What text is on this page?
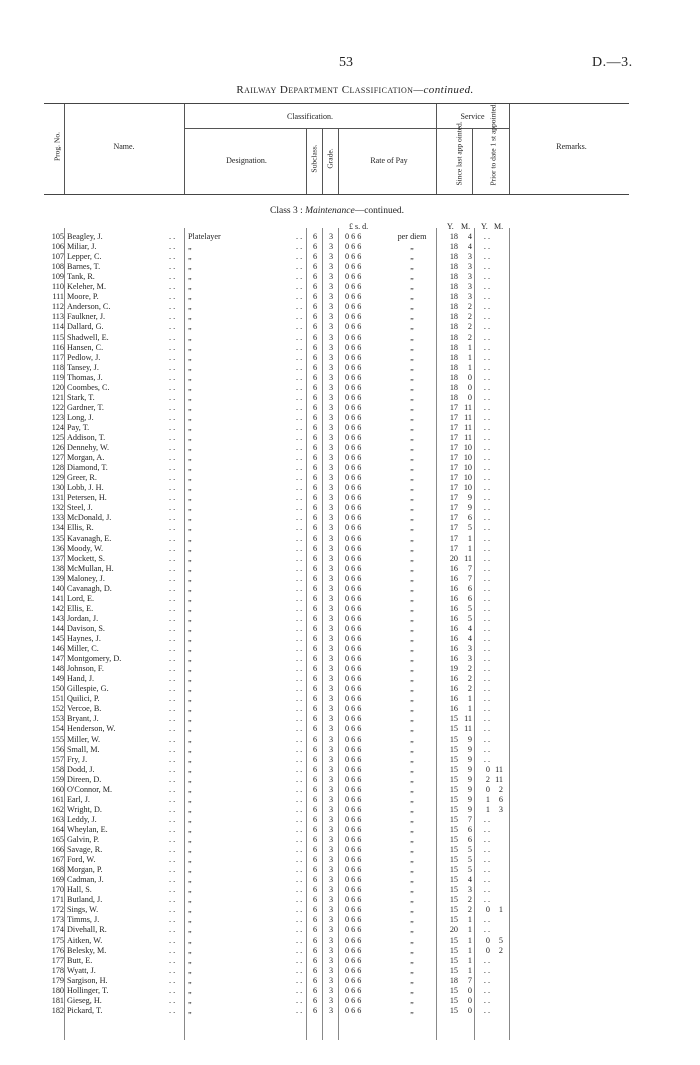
53	D.—3.
Railway Department Classification—continued.
Prog. No.	Name.
Classification.
Designation.	Subclass. Grade.	Rate of Pay
Service
Since last app ointed.	Prior to date 1 st appointed.	Remarks.
Class 3 : Maintenance—continued.
£ s. d.	Y. M. Y. M.
105 Beagley, J.	. . Platelayer	. .	6	3	0 6 6	per diem	18	4	. .
106 Miliar, J.	. . „	. .	6	3	0 6 6	„	18	4	. .
107 Lepper, C.	. . „	. .	6	3	0 6 6	„	18	3	. .
108 Barnes, T.	. . „	. .	6	3	0 6 6	„	18	3	. .
109 Tank, R.	. . „	. .	6	3	0 6 6	„	18	3	. .
110 Keleher, M.	. . „	. .	6	3	0 6 6	„	18	3	. .
111 Moore, P.	. . „	. .	6	3	0 6 6	„	18	3	. .
112 Anderson, C.	. . „	. .	6	3	0 6 6	„	18	2	. .
113 Faulkner, J.	. . „	. .	6	3	0 6 6	„	18	2	. .
114 Dallard, G.	. . „	. .	6	3	0 6 6	„	18	2	. .
115 Shadwell, E.	. . „	. .	6	3	0 6 6	„	18	2	. .
116 Hansen, C.	. . „	. .	6	3	0 6 6	„	18	1	. .
117 Pedlow, J.	. . „	. .	6	3	0 6 6	„	18	1	. .
118 Tansey, J.	. . „	. .	6	3	0 6 6	„	18	1	. .
119 Thomas, J.	. . „	. .	6	3	0 6 6	„	18	0	. .
120 Coombes, C.	. . „	. .	6	3	0 6 6	„	18	0	. .
121 Stark, T.	. . „	. .	6	3	0 6 6	„	18	0	. .
122 Gardner, T.	. . „	. .	6	3	0 6 6	„	17 11	. .
123 Long, J.	. . „	. .	6	3	0 6 6	„	17 11	. .
124 Pay, T.	. . „	. .	6	3	0 6 6	„	17 11	. .
125 Addison, T.	. . „	. .	6	3	0 6 6	„	17 11	. .
126 Dennehy, W.	. . „	. .	6	3	0 6 6	„	17 10	. .
127 Morgan, A.	. . „	. .	6	3	0 6 6	„	17 10	. .
128 Diamond, T.	. . „	. .	6	3	0 6 6	„	17 10	. .
129 Greer, R.	. . „	. .	6	3	0 6 6	„	17 10	. .
130 Lobb, J. H.	. . „	. .	6	3	0 6 6	„	17 10	. .
131 Petersen, H.	. . „	. .	6	3	0 6 6	„	17	9	. .
132 Steel, J.	. . „	. .	6	3	0 6 6	„	17	9	. .
133 McDonald, J.	. . „	. .	6	3	0 6 6	„	17	6	. .
134 Ellis, R.	. . „	. .	6	3	0 6 6	„	17	5	. .
135 Kavanagh, E.	. . „	. .	6	3	0 6 6	„	17	1	. .
136 Moody, W.	. . „	. .	6	3	0 6 6	„	17	1	. .
137 Mockett, S.	. . „	. .	6	3	0 6 6	„	20 11	. .
138 McMullan, H.	. . „	. .	6	3	0 6 6	„	16	7	. .
139 Maloney, J.	. . „	. .	6	3	0 6 6	„	16	7	. .
140 Cavanagh, D.	. . „	. .	6	3	0 6 6	„	16	6	. .
141 Lord, E.	. . „	. .	6	3	0 6 6	„	16	6	. .
142 Ellis, E.	. . „	. .	6	3	0 6 6	„	16	5	. .
143 Jordan, J.	. . „	. .	6	3	0 6 6	„	16	5	. .
144 Davison, S.	. . „	. .	6	3	0 6 6	„	16	4	. .
145 Haynes, J.	. . „	. .	6	3	0 6 6	„	16	4	. .
146 Miller, C.	. . „	. .	6	3	0 6 6	„	16	3	. .
147 Montgomery, D.	. . „	. .	6	3	0 6 6	„	16	3	. .
148 Johnson, F.	. . „	. .	6	3	0 6 6	„	19	2	. .
149 Hand, J.	. . „	. .	6	3	0 6 6	„	16	2	. .
150 Gillespie, G.	. . „	. .	6	3	0 6 6	„	16	2	. .
151 Quilici, P.	. . „	. .	6	3	0 6 6	„	16	1	. .
152 Vercoe, B.	. . „	. .	6	3	0 6 6	„	16	1	. .
153 Bryant, J.	. . „	. .	6	3	0 6 6	„	15 11	. .
154 Henderson, W.	. . „	. .	6	3	0 6 6	„	15 11	. .
155 Miller, W.	. . „	. .	6	3	0 6 6	„	15	9	. .
156 Small, M.	. . „	. .	6	3	0 6 6	„	15	9	. .
157 Fry, J.	. . „	. .	6	3	0 6 6	„	15	9	. .
158 Dodd, J.	. . „	. .	6	3	0 6 6	„	15	9	0 11
159 Direen, D.	. . „	. .	6	3	0 6 6	„	15	9	2 11
160 O'Connor, M.	. . „	. .	6	3	0 6 6	„	15	9	0	2
161 Earl, J.	. . „	. .	6	3	0 6 6	„	15	9	1	6
162 Wright, D.	. . „	. .	6	3	0 6 6	„	15	9	1	3
163 Leddy, J.	. . „	. .	6	3	0 6 6	„	15	7	. .
164 Wheylan, E.	. . „	. .	6	3	0 6 6	„	15	6	. .
165 Galvin, P.	. . „	. .	6	3	0 6 6	„	15	6	. .
166 Savage, R.	. . „	. .	6	3	0 6 6	„	15	5	. .
167 Ford, W.	. . „	. .	6	3	0 6 6	„	15	5	. .
168 Morgan, P.	. . „	. .	6	3	0 6 6	„	15	5	. .
169 Cadman, J.	. . „	. .	6	3	0 6 6	„	15	4	. .
170 Hall, S.	. . „	. .	6	3	0 6 6	„	15	3	. .
171 Butland, J.	. . „	. .	6	3	0 6 6	„	15	2	. .
172 Sings, W.	. . „	. .	6	3	0 6 6	„	15	2	0	1
173 Timms, J.	. . „	. .	6	3	0 6 6	„	15	1	. .
174 Divehall, R.	. . „	. .	6	3	0 6 6	„	20	1	. .
175 Aitken, W.	. . „	. .	6	3	0 6 6	„	15	1	0	5
176 Belesky, M.	. . „	. .	6	3	0 6 6	„	15	1	0	2
177 Butt, E.	. . „	. .	6	3	0 6 6	„	15	1	. .
178 Wyatt, J.	. . „	. .	6	3	0 6 6	„	15	1	. .
179 Sargison, H.	. . „	. .	6	3	0 6 6	„	18	7	. .
180 Hollinger, T.	. . „	. .	6	3	0 6 6	„	15	0	. .
181 Gieseg, H.	. . „	. .	6	3	0 6 6	„	15	0	. .
182 Pickard, T.	. . „	. .	6	3	0 6 6	„	15	0	. .
